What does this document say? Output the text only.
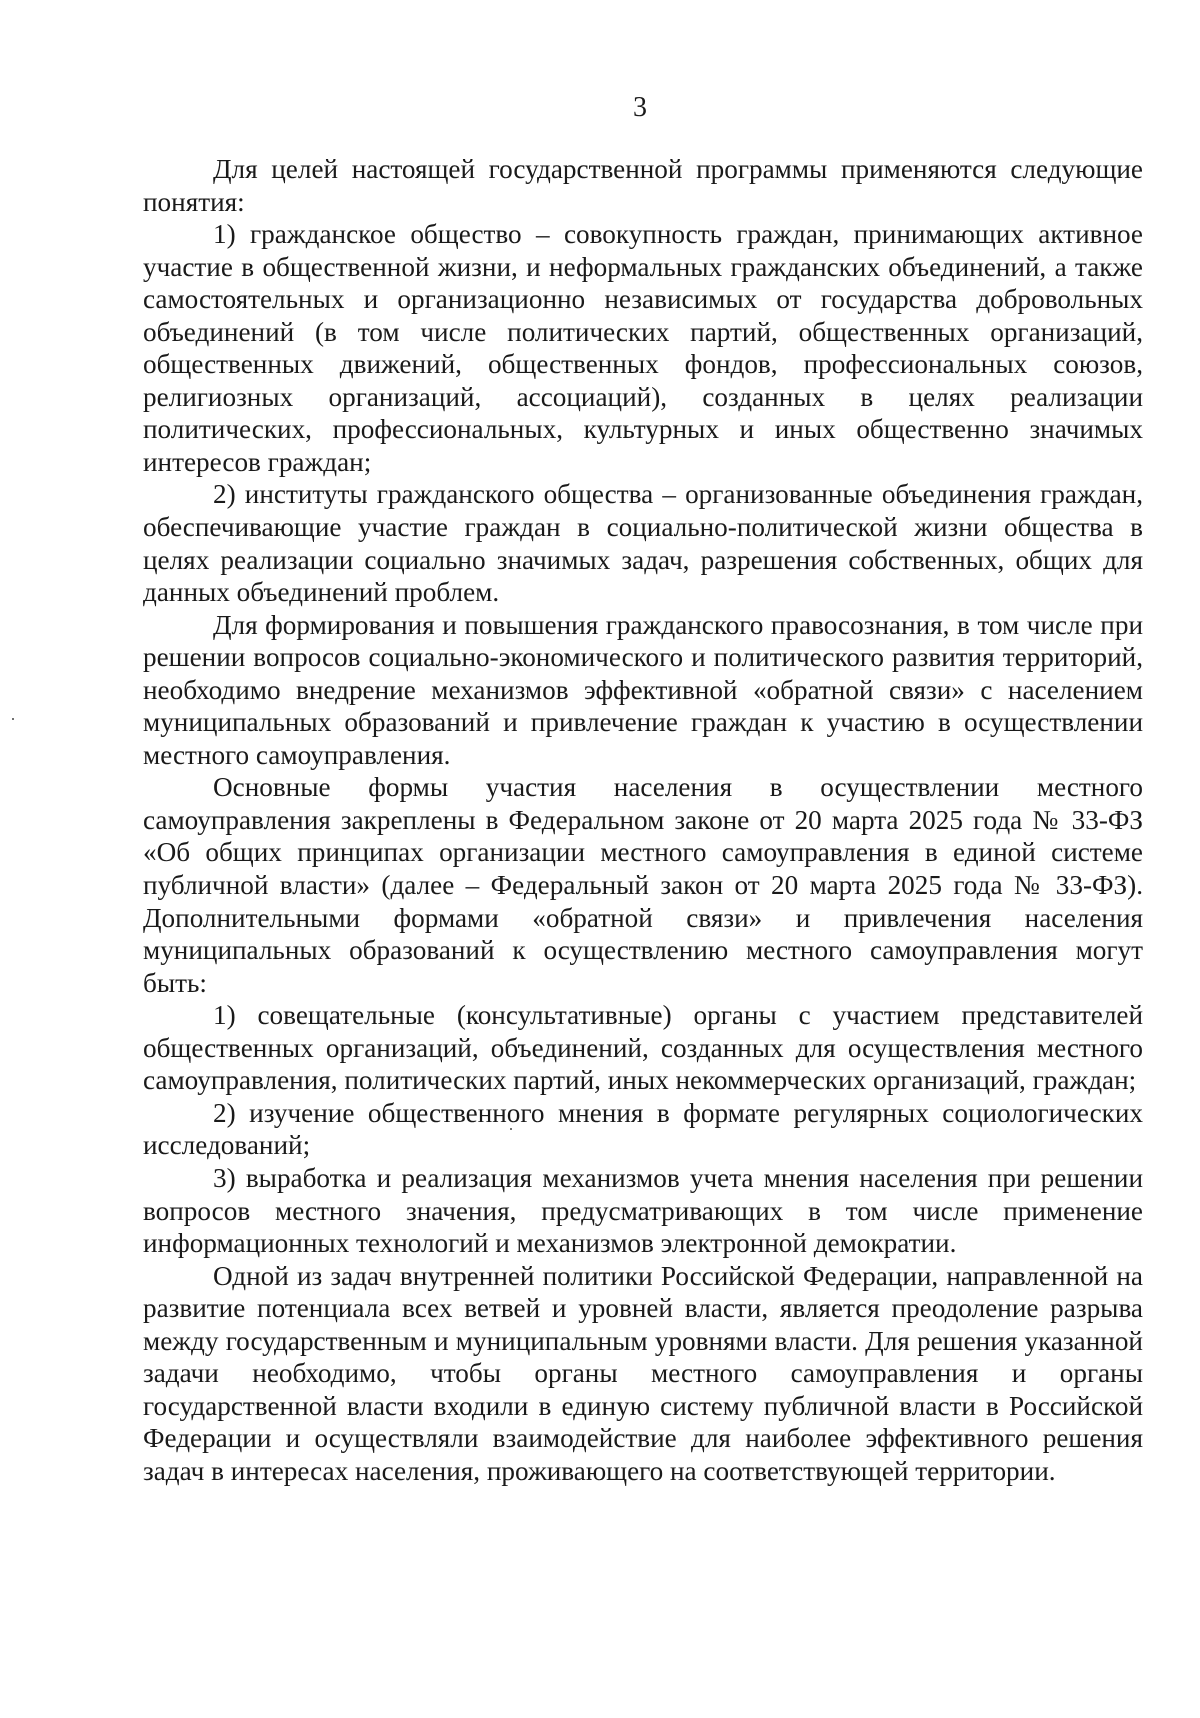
3

Для целей настоящей государственной программы применяются следующие понятия:

1) гражданское общество – совокупность граждан, принимающих активное участие в общественной жизни, и неформальных гражданских объединений, а также самостоятельных и организационно независимых от государства добровольных объединений (в том числе политических партий, общественных организаций, общественных движений, общественных фондов, профессиональных союзов, религиозных организаций, ассоциаций), созданных в целях реализации политических, профессиональных, культурных и иных общественно значимых интересов граждан;

2) институты гражданского общества – организованные объединения граждан, обеспечивающие участие граждан в социально-политической жизни общества в целях реализации социально значимых задач, разрешения собственных, общих для данных объединений проблем.

Для формирования и повышения гражданского правосознания, в том числе при решении вопросов социально-экономического и политического развития территорий, необходимо внедрение механизмов эффективной «обратной связи» с населением муниципальных образований и привлечение граждан к участию в осуществлении местного самоуправления.

Основные формы участия населения в осуществлении местного самоуправления закреплены в Федеральном законе от 20 марта 2025 года № 33-ФЗ «Об общих принципах организации местного самоуправления в единой системе публичной власти» (далее – Федеральный закон от 20 марта 2025 года № 33-ФЗ). Дополнительными формами «обратной связи» и привлечения населения муниципальных образований к осуществлению местного самоуправления могут быть:

1) совещательные (консультативные) органы с участием представителей общественных организаций, объединений, созданных для осуществления местного самоуправления, политических партий, иных некоммерческих организаций, граждан;

2) изучение общественного мнения в формате регулярных социологических исследований;

3) выработка и реализация механизмов учета мнения населения при решении вопросов местного значения, предусматривающих в том числе применение информационных технологий и механизмов электронной демократии.

Одной из задач внутренней политики Российской Федерации, направленной на развитие потенциала всех ветвей и уровней власти, является преодоление разрыва между государственным и муниципальным уровнями власти. Для решения указанной задачи необходимо, чтобы органы местного самоуправления и органы государственной власти входили в единую систему публичной власти в Российской Федерации и осуществляли взаимодействие для наиболее эффективного решения задач в интересах населения, проживающего на соответствующей территории.
